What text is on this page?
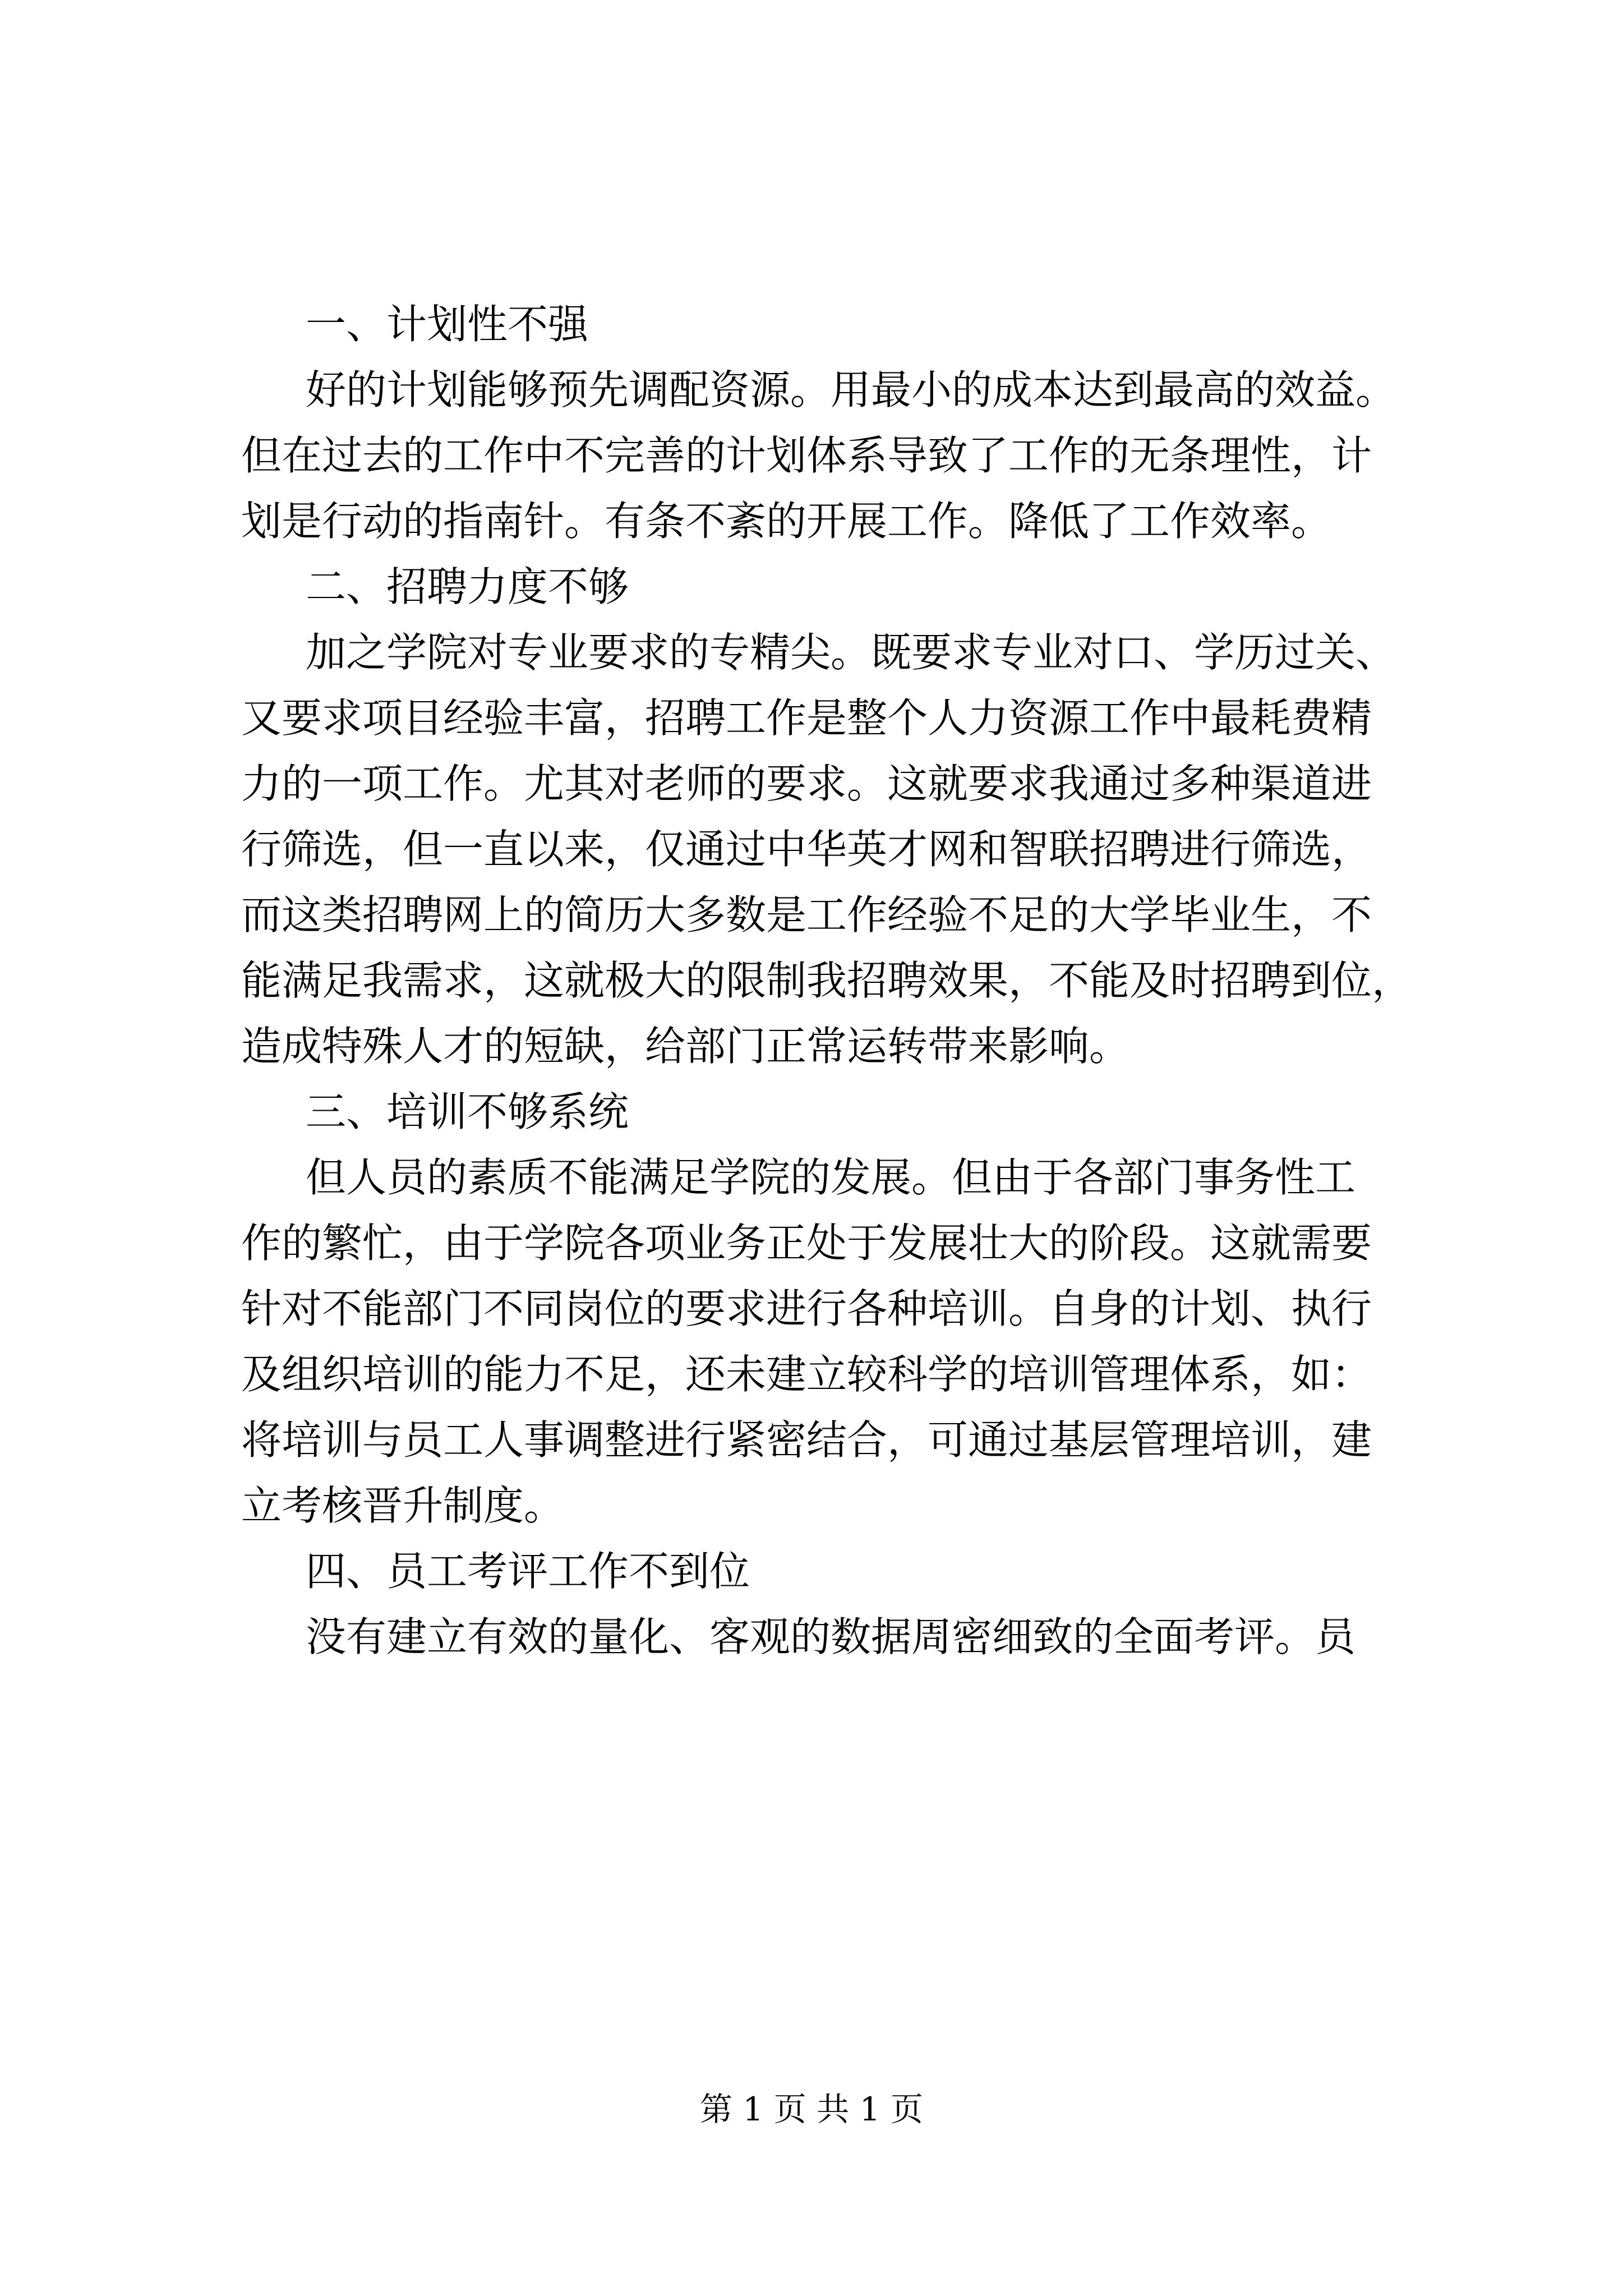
一、计划性不强
好的计划能够预先调配资源。用最小的成本达到最高的效益。
但在过去的工作中不完善的计划体系导致了工作的无条理性，计
划是行动的指南针。有条不紊的开展工作。降低了工作效率。
二、招聘力度不够
加之学院对专业要求的专精尖。既要求专业对口、学历过关、
又要求项目经验丰富，招聘工作是整个人力资源工作中最耗费精
力的一项工作。尤其对老师的要求。这就要求我通过多种渠道进
行筛选，但一直以来，仅通过中华英才网和智联招聘进行筛选，
而这类招聘网上的简历大多数是工作经验不足的大学毕业生，不
能满足我需求，这就极大的限制我招聘效果，不能及时招聘到位，
造成特殊人才的短缺，给部门正常运转带来影响。
三、培训不够系统
但人员的素质不能满足学院的发展。但由于各部门事务性工
作的繁忙，由于学院各项业务正处于发展壮大的阶段。这就需要
针对不能部门不同岗位的要求进行各种培训。自身的计划、执行
及组织培训的能力不足，还未建立较科学的培训管理体系，如：
将培训与员工人事调整进行紧密结合，可通过基层管理培训，建
立考核晋升制度。
四、员工考评工作不到位
没有建立有效的量化、客观的数据周密细致的全面考评。员
第 1 页 共 1 页
